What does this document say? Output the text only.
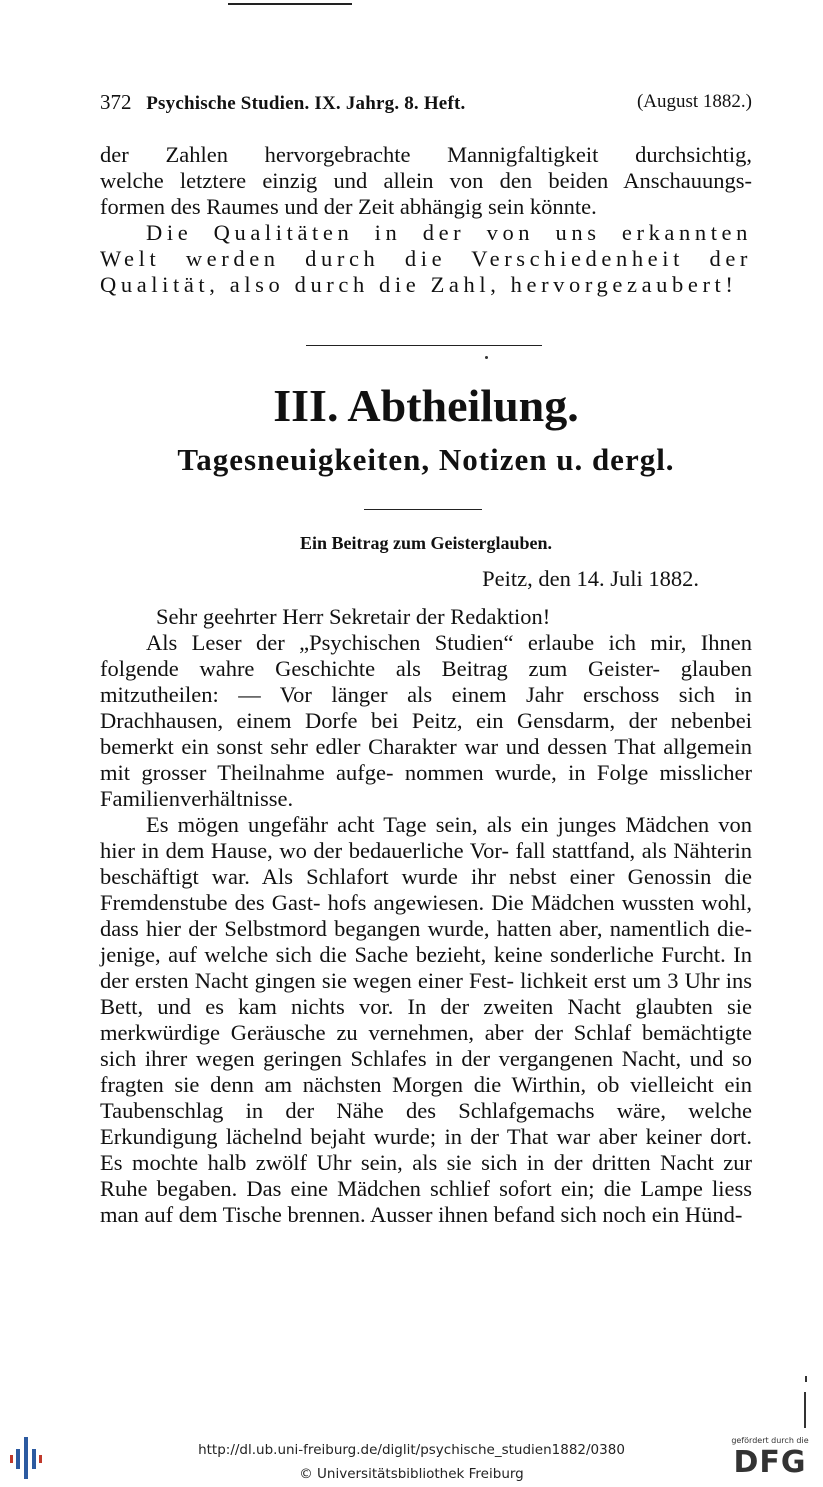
372 Psychische Studien. IX. Jahrg. 8. Heft.	(August 1882.)

der Zahlen hervorgebrachte Mannigfaltigkeit durchsichtig,

welche letztere einzig und allein von den beiden Anschauungs-

formen des Raumes und der Zeit abhängig sein könnte.

Die Qualitäten in der von uns erkannten Welt werden durch die Verschiedenheit der Qualität, also durch die Zahl, hervorgezaubert!

III. Abtheilung.
Tagesneuigkeiten, Notizen u. dergl.
Ein Beitrag zum Geisterglauben.
Peitz, den 14. Juli 1882.
Sehr geehrter Herr Sekretair der Redaktion!

Als Leser der „Psychischen Studien“ erlaube ich mir, Ihnen folgende wahre Geschichte als Beitrag zum Geister- glauben mitzutheilen: — Vor länger als einem Jahr erschoss sich in Drachhausen, einem Dorfe bei Peitz, ein Gensdarm, der nebenbei bemerkt ein sonst sehr edler Charakter war und dessen That allgemein mit grosser Theilnahme aufge- nommen wurde, in Folge misslicher Familienverhältnisse.

Es mögen ungefähr acht Tage sein, als ein junges Mädchen von hier in dem Hause, wo der bedauerliche Vor- fall stattfand, als Nähterin beschäftigt war. Als Schlafort wurde ihr nebst einer Genossin die Fremdenstube des Gast- hofs angewiesen. Die Mädchen wussten wohl, dass hier der Selbstmord begangen wurde, hatten aber, namentlich die- jenige, auf welche sich die Sache bezieht, keine sonderliche Furcht. In der ersten Nacht gingen sie wegen einer Fest- lichkeit erst um 3 Uhr ins Bett, und es kam nichts vor. In der zweiten Nacht glaubten sie merkwürdige Geräusche zu vernehmen, aber der Schlaf bemächtigte sich ihrer wegen geringen Schlafes in der vergangenen Nacht, und so fragten sie denn am nächsten Morgen die Wirthin, ob vielleicht ein Taubenschlag in der Nähe des Schlafgemachs wäre, welche Erkundigung lächelnd bejaht wurde; in der That war aber keiner dort. Es mochte halb zwölf Uhr sein, als sie sich in der dritten Nacht zur Ruhe begaben. Das eine Mädchen schlief sofort ein; die Lampe liess man auf dem Tische brennen. Ausser ihnen befand sich noch ein Hünd-

http://dl.ub.uni-freiburg.de/diglit/psychische_studien1882/0380
© Universitätsbibliothek Freiburg
gefördert durch die
DFG
